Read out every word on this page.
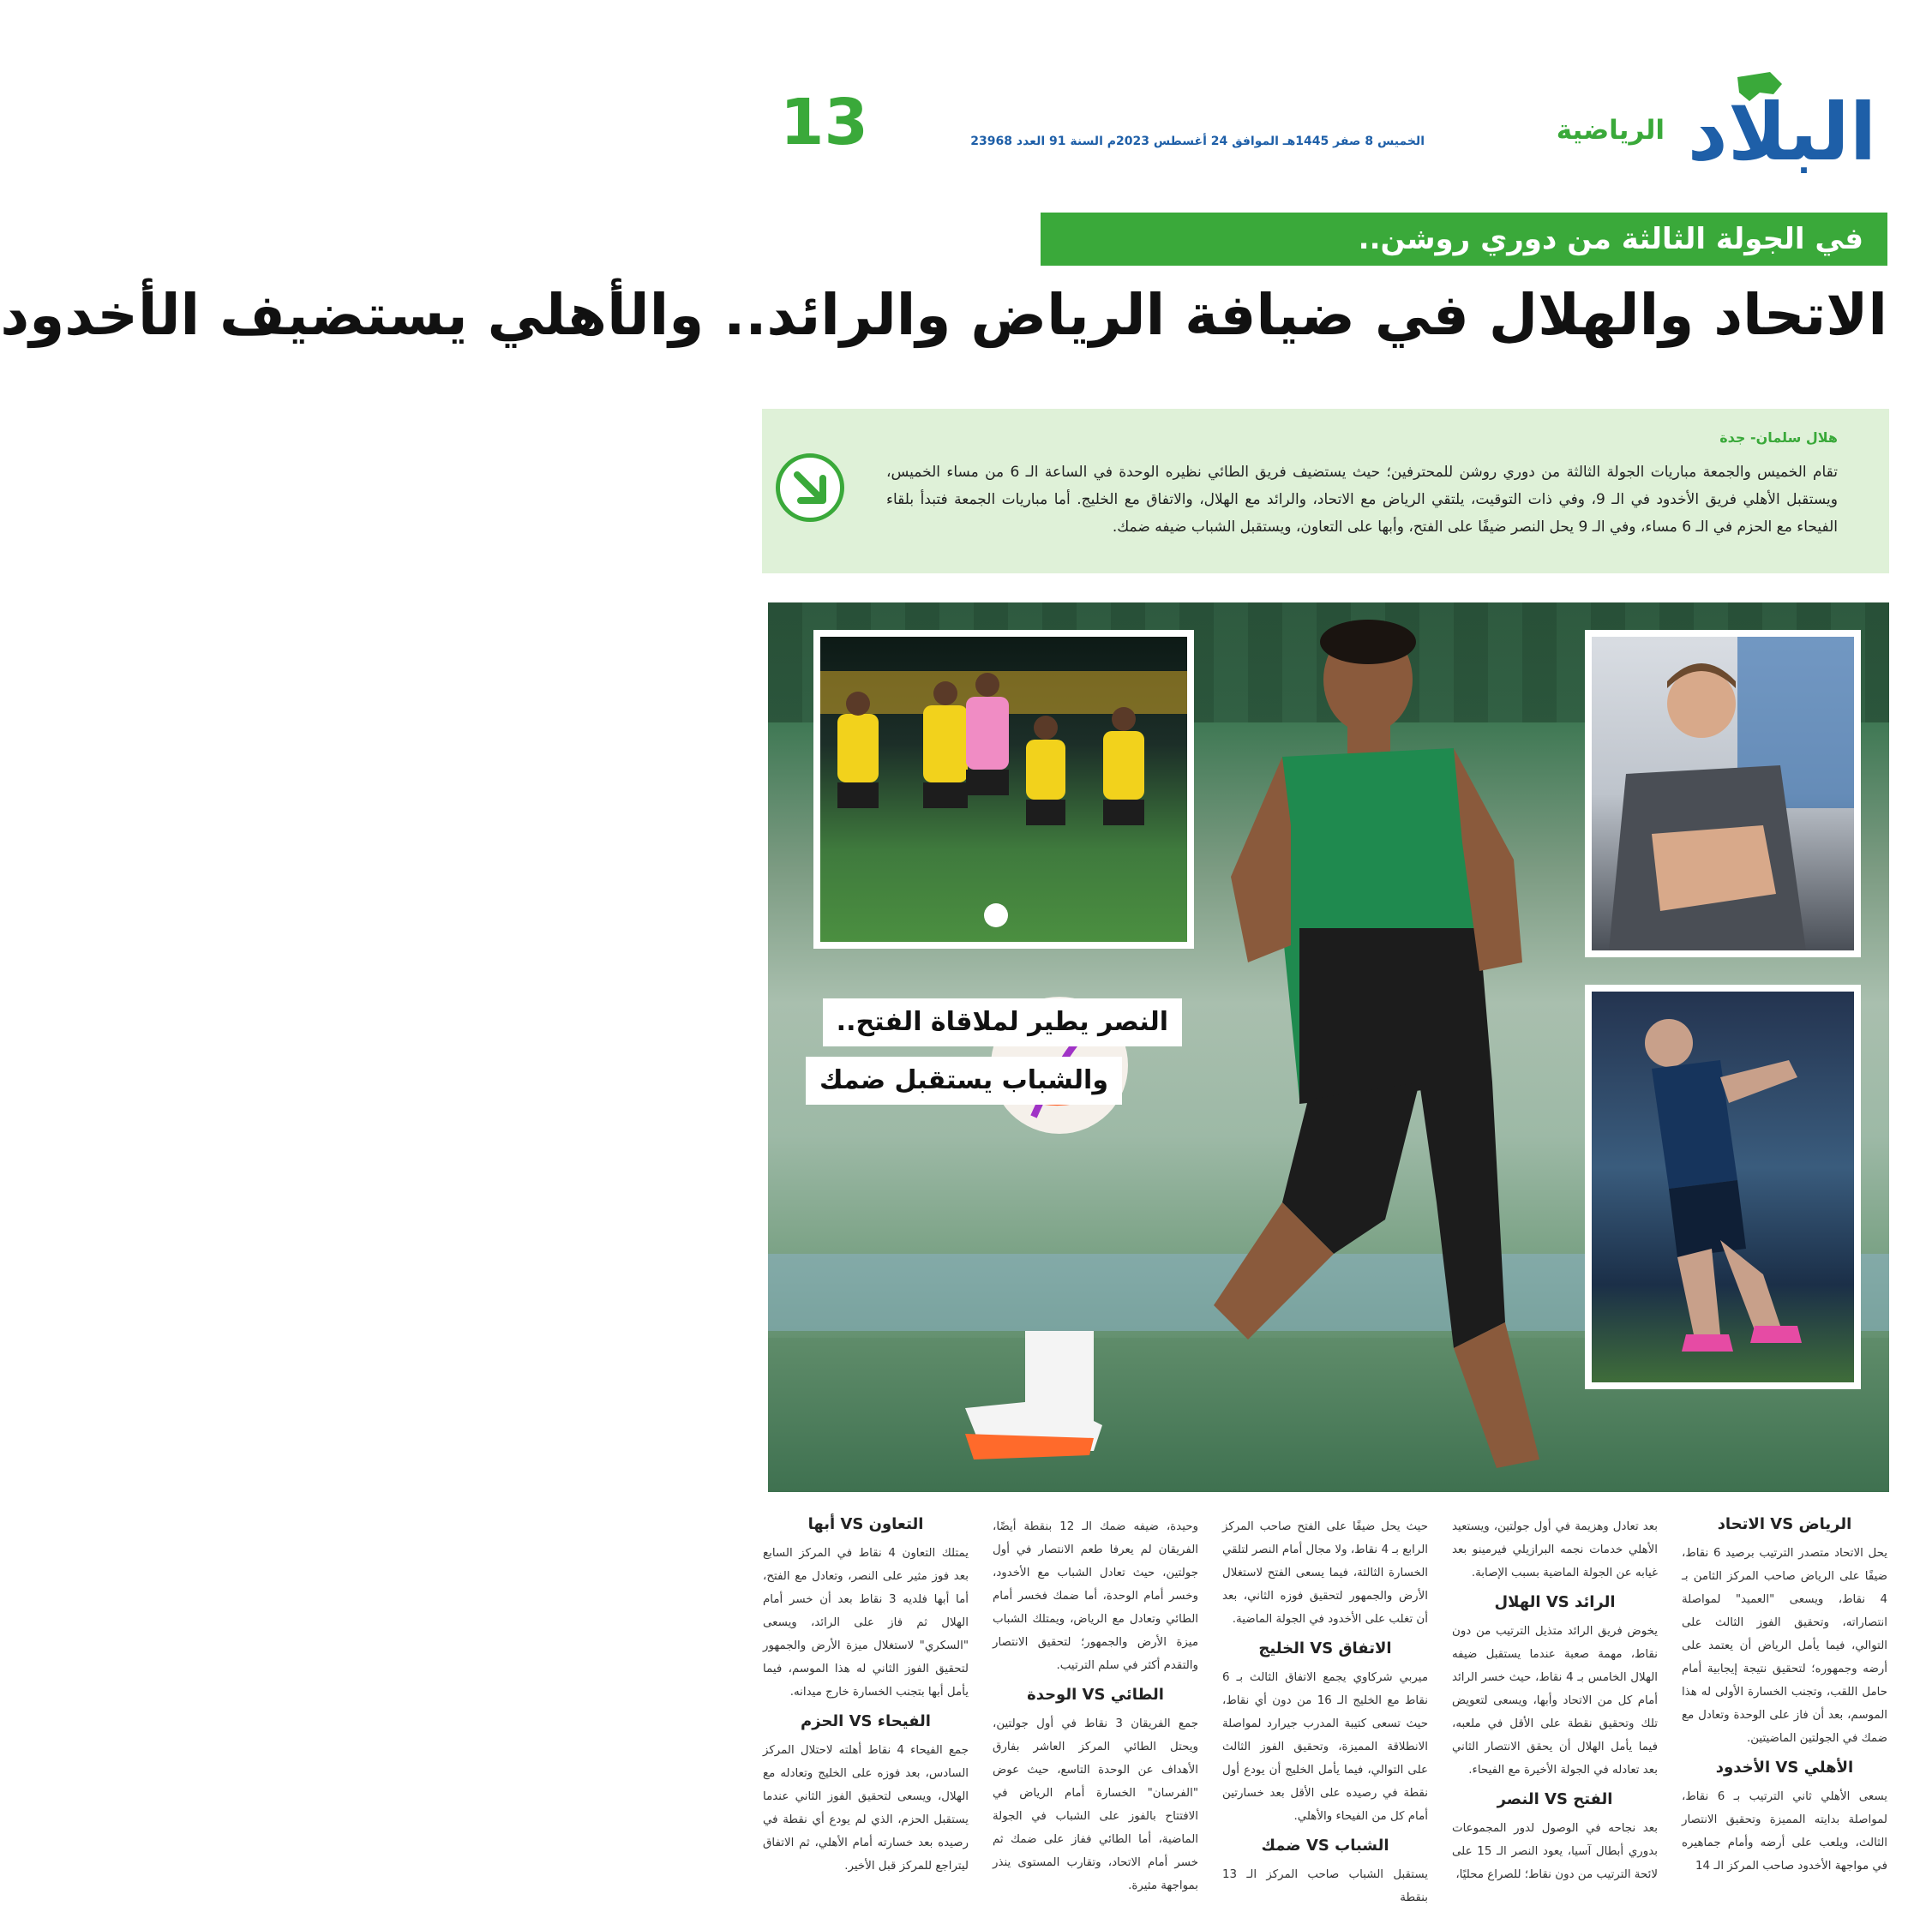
البلاد
الرياضية
الخميس 8 صفر 1445هـ الموافق 24 أغسطس 2023م السنة 91 العدد 23968
13
في الجولة الثالثة من دوري روشن..
الاتحاد والهلال في ضيافة الرياض والرائد.. والأهلي يستضيف الأخدود
هلال سلمان- جدة
تقام الخميس والجمعة مباريات الجولة الثالثة من دوري روشن للمحترفين؛ حيث يستضيف فريق الطائي نظيره الوحدة في الساعة الـ 6 من مساء الخميس، ويستقبل الأهلي فريق الأخدود في الـ 9، وفي ذات التوقيت، يلتقي الرياض مع الاتحاد، والرائد مع الهلال، والاتفاق مع الخليج. أما مباريات الجمعة فتبدأ بلقاء الفيحاء مع الحزم في الـ 6 مساء، وفي الـ 9 يحل النصر ضيفًا على الفتح، وأبها على التعاون، ويستقبل الشباب ضيفه ضمك.
النصر يطير لملاقاة الفتح..
والشباب يستقبل ضمك
الرياض VS الاتحاد

يحل الاتحاد متصدر الترتيب برصيد 6 نقاط، ضيفًا على الرياض صاحب المركز الثامن بـ 4 نقاط، ويسعى "العميد" لمواصلة انتصاراته، وتحقيق الفوز الثالث على التوالي، فيما يأمل الرياض أن يعتمد على أرضه وجمهوره؛ لتحقيق نتيجة إيجابية أمام حامل اللقب، وتجنب الخسارة الأولى له هذا الموسم، بعد أن فاز على الوحدة وتعادل مع ضمك في الجولتين الماضيتين.

الأهلي VS الأخدود

يسعى الأهلي ثاني الترتيب بـ 6 نقاط، لمواصلة بدايته المميزة وتحقيق الانتصار الثالث، ويلعب على أرضه وأمام جماهيره في مواجهة الأخدود صاحب المركز الـ 14

بعد تعادل وهزيمة في أول جولتين، ويستعيد الأهلي خدمات نجمه البرازيلي فيرمينو بعد غيابه عن الجولة الماضية بسبب الإصابة.

الرائد VS الهلال

يخوض فريق الرائد متذيل الترتيب من دون نقاط، مهمة صعبة عندما يستقبل ضيفه الهلال الخامس بـ 4 نقاط، حيث خسر الرائد أمام كل من الاتحاد وأبها، ويسعى لتعويض تلك وتحقيق نقطة على الأقل في ملعبه، فيما يأمل الهلال أن يحقق الانتصار الثاني بعد تعادله في الجولة الأخيرة مع الفيحاء.

الفتح VS النصر

بعد نجاحه في الوصول لدور المجموعات بدوري أبطال آسيا، يعود النصر الـ 15 على لائحة الترتيب من دون نقاط؛ للصراع محليًا،

حيث يحل ضيفًا على الفتح صاحب المركز الرابع بـ 4 نقاط، ولا مجال أمام النصر لتلقي الخسارة الثالثة، فيما يسعى الفتح لاستغلال الأرض والجمهور لتحقيق فوزه الثاني، بعد أن تغلب على الأخدود في الجولة الماضية.

الاتفاق VS الخليج

ميربي شركاوي يجمع الاتفاق الثالث بـ 6 نقاط مع الخليج الـ 16 من دون أي نقاط، حيث تسعى كتيبة المدرب جيرارد لمواصلة الانطلاقة المميزة، وتحقيق الفوز الثالث على التوالي، فيما يأمل الخليج أن يودع أول نقطة في رصيده على الأقل بعد خسارتين أمام كل من الفيحاء والأهلي.

الشباب VS ضمك

يستقبل الشباب صاحب المركز الـ 13 بنقطة

وحيدة، ضيفه ضمك الـ 12 بنقطة أيضًا، الفريقان لم يعرفا طعم الانتصار في أول جولتين، حيث تعادل الشباب مع الأخدود، وخسر أمام الوحدة، أما ضمك فخسر أمام الطائي وتعادل مع الرياض، ويمتلك الشباب ميزة الأرض والجمهور؛ لتحقيق الانتصار والتقدم أكثر في سلم الترتيب.

الطائي VS الوحدة

جمع الفريقان 3 نقاط في أول جولتين، ويحتل الطائي المركز العاشر بفارق الأهداف عن الوحدة التاسع، حيث عوض "الفرسان" الخسارة أمام الرياض في الافتتاح بالفوز على الشباب في الجولة الماضية، أما الطائي ففاز على ضمك ثم خسر أمام الاتحاد، وتقارب المستوى ينذر بمواجهة مثيرة.

التعاون VS أبها

يمتلك التعاون 4 نقاط في المركز السابع بعد فوز مثير على النصر، وتعادل مع الفتح، أما أبها فلديه 3 نقاط بعد أن خسر أمام الهلال ثم فاز على الرائد، ويسعى "السكري" لاستغلال ميزة الأرض والجمهور لتحقيق الفوز الثاني له هذا الموسم، فيما يأمل أبها بتجنب الخسارة خارج ميدانه.

الفيحاء VS الحزم

جمع الفيحاء 4 نقاط أهلته لاحتلال المركز السادس، بعد فوزه على الخليج وتعادله مع الهلال، ويسعى لتحقيق الفوز الثاني عندما يستقبل الحزم، الذي لم يودع أي نقطة في رصيده بعد خسارته أمام الأهلي، ثم الاتفاق ليتراجع للمركز قبل الأخير.
